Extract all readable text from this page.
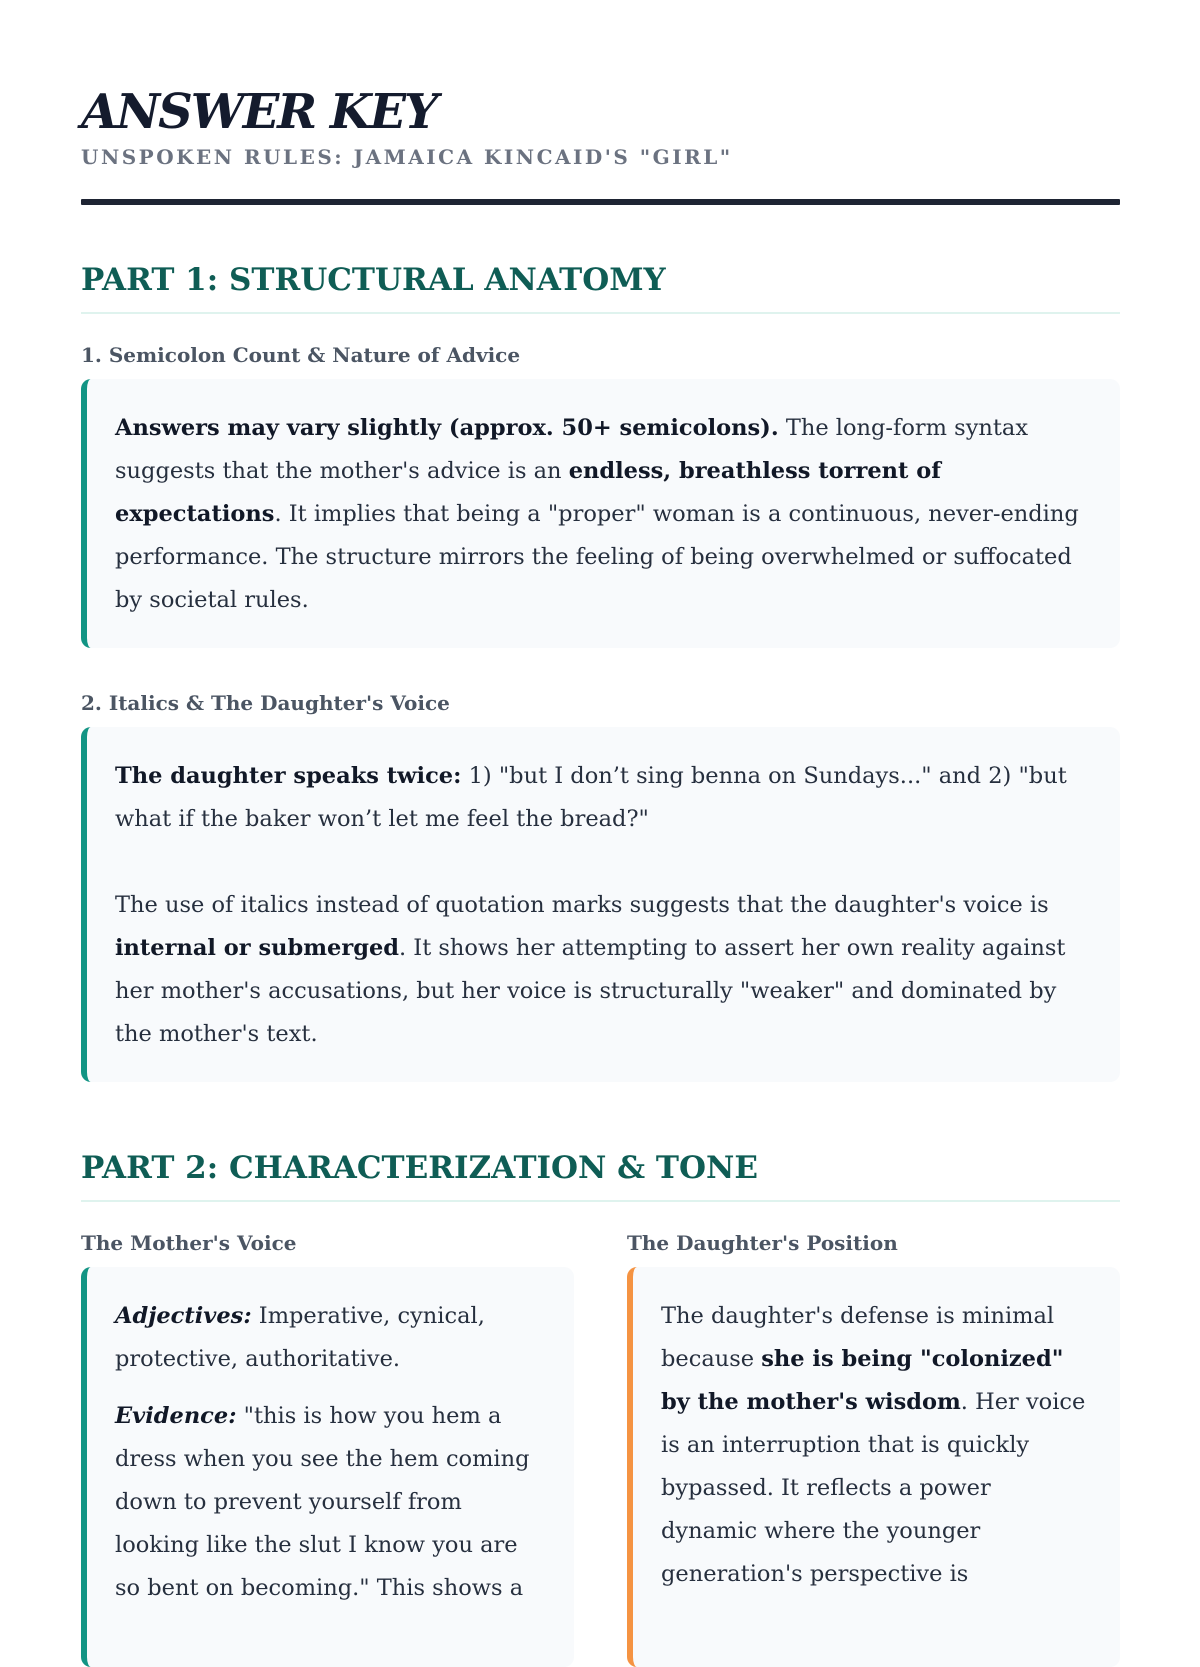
ANSWER KEY
UNSPOKEN RULES: JAMAICA KINCAID'S "GIRL"
PART 1: STRUCTURAL ANATOMY
1. Semicolon Count & Nature of Advice

Answers may vary slightly (approx. 50+ semicolons). The long-form syntax suggests that the mother's advice is an endless, breathless torrent of expectations. It implies that being a "proper" woman is a continuous, never-ending performance. The structure mirrors the feeling of being overwhelmed or suffocated by societal rules.

2. Italics & The Daughter's Voice

The daughter speaks twice: 1) "but I don’t sing benna on Sundays..." and 2) "but what if the baker won’t let me feel the bread?"

The use of italics instead of quotation marks suggests that the daughter's voice is internal or submerged. It shows her attempting to assert her own reality against her mother's accusations, but her voice is structurally "weaker" and dominated by the mother's text.

PART 2: CHARACTERIZATION & TONE
The Mother's Voice

Adjectives: Imperative, cynical, protective, authoritative.

Evidence: "this is how you hem a dress when you see the hem coming down to prevent yourself from looking like the slut I know you are so bent on becoming." This shows a

The Daughter's Position

The daughter's defense is minimal because she is being "colonized" by the mother's wisdom. Her voice is an interruption that is quickly bypassed. It reflects a power dynamic where the younger generation's perspective is
